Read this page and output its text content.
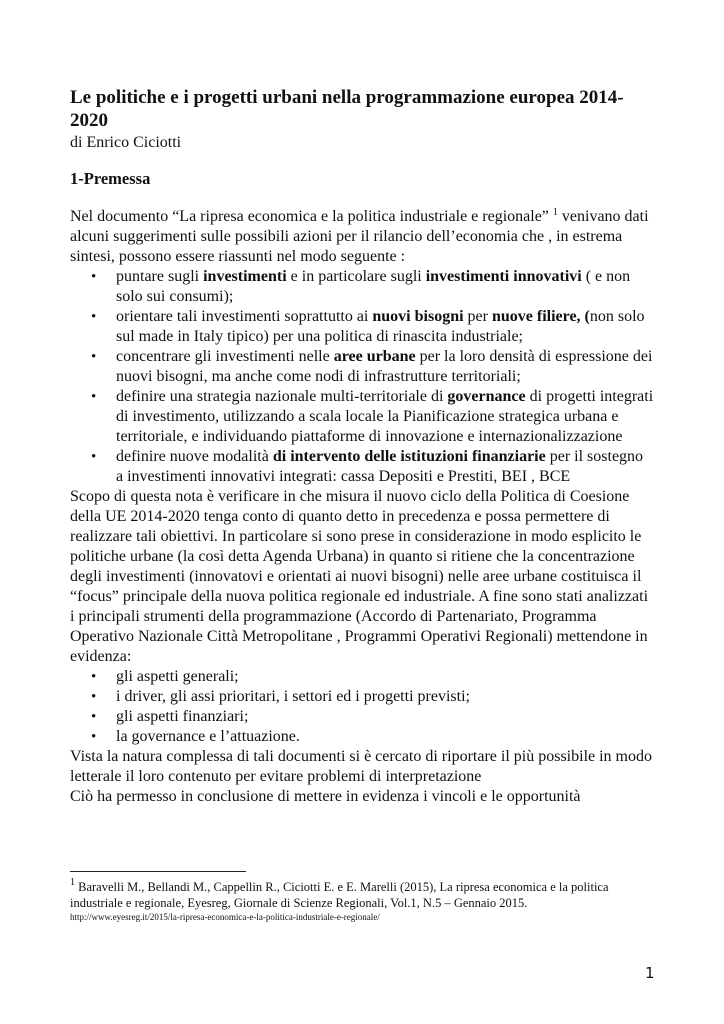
Le politiche e i progetti urbani nella programmazione europea 2014-2020
di Enrico Ciciotti
1-Premessa

Nel documento “La ripresa economica e la politica industriale e regionale” $^1$ venivano dati alcuni suggerimenti sulle possibili azioni per il rilancio dell’economia che , in estrema sintesi, possono essere riassunti nel modo seguente :

• puntare sugli investimenti e in particolare sugli investimenti innovativi ( e non solo sui consumi);
• orientare tali investimenti soprattutto ai nuovi bisogni per nuove filiere, (non solo sul made in Italy tipico) per una politica di rinascita industriale;
• concentrare gli investimenti nelle aree urbane per la loro densità di espressione dei nuovi bisogni, ma anche come nodi di infrastrutture territoriali;
• definire una strategia nazionale multi-territoriale di governance di progetti integrati di investimento, utilizzando a scala locale la Pianificazione strategica urbana e territoriale, e individuando piattaforme di innovazione e internazionalizzazione
• definire nuove modalità di intervento delle istituzioni finanziarie per il sostegno a investimenti innovativi integrati: cassa Depositi e Prestiti, BEI , BCE

Scopo di questa nota è verificare in che misura il nuovo ciclo della Politica di Coesione della UE 2014-2020 tenga conto di quanto detto in precedenza e possa permettere di realizzare tali obiettivi. In particolare si sono prese in considerazione in modo esplicito le politiche urbane (la così detta Agenda Urbana) in quanto si ritiene che la concentrazione degli investimenti (innovatovi e orientati ai nuovi bisogni) nelle aree urbane costituisca il “focus” principale della nuova politica regionale ed industriale. A fine sono stati analizzati i principali strumenti della programmazione (Accordo di Partenariato, Programma Operativo Nazionale Città Metropolitane , Programmi Operativi Regionali) mettendone in evidenza:

• gli aspetti generali;
• i driver, gli assi prioritari, i settori ed i progetti previsti;
• gli aspetti finanziari;
• la governance e l’attuazione.

Vista la natura complessa di tali documenti si è cercato di riportare il più possibile in modo letterale il loro contenuto per evitare problemi di interpretazione

Ciò ha permesso in conclusione di mettere in evidenza i vincoli e le opportunità

$^1$ Baravelli M., Bellandi M., Cappellin R., Ciciotti E. e E. Marelli (2015), La ripresa economica e la politica industriale e regionale, Eyesreg, Giornale di Scienze Regionali, Vol.1, N.5 – Gennaio 2015.
http://www.eyesreg.it/2015/la-ripresa-economica-e-la-politica-industriale-e-regionale/
1
